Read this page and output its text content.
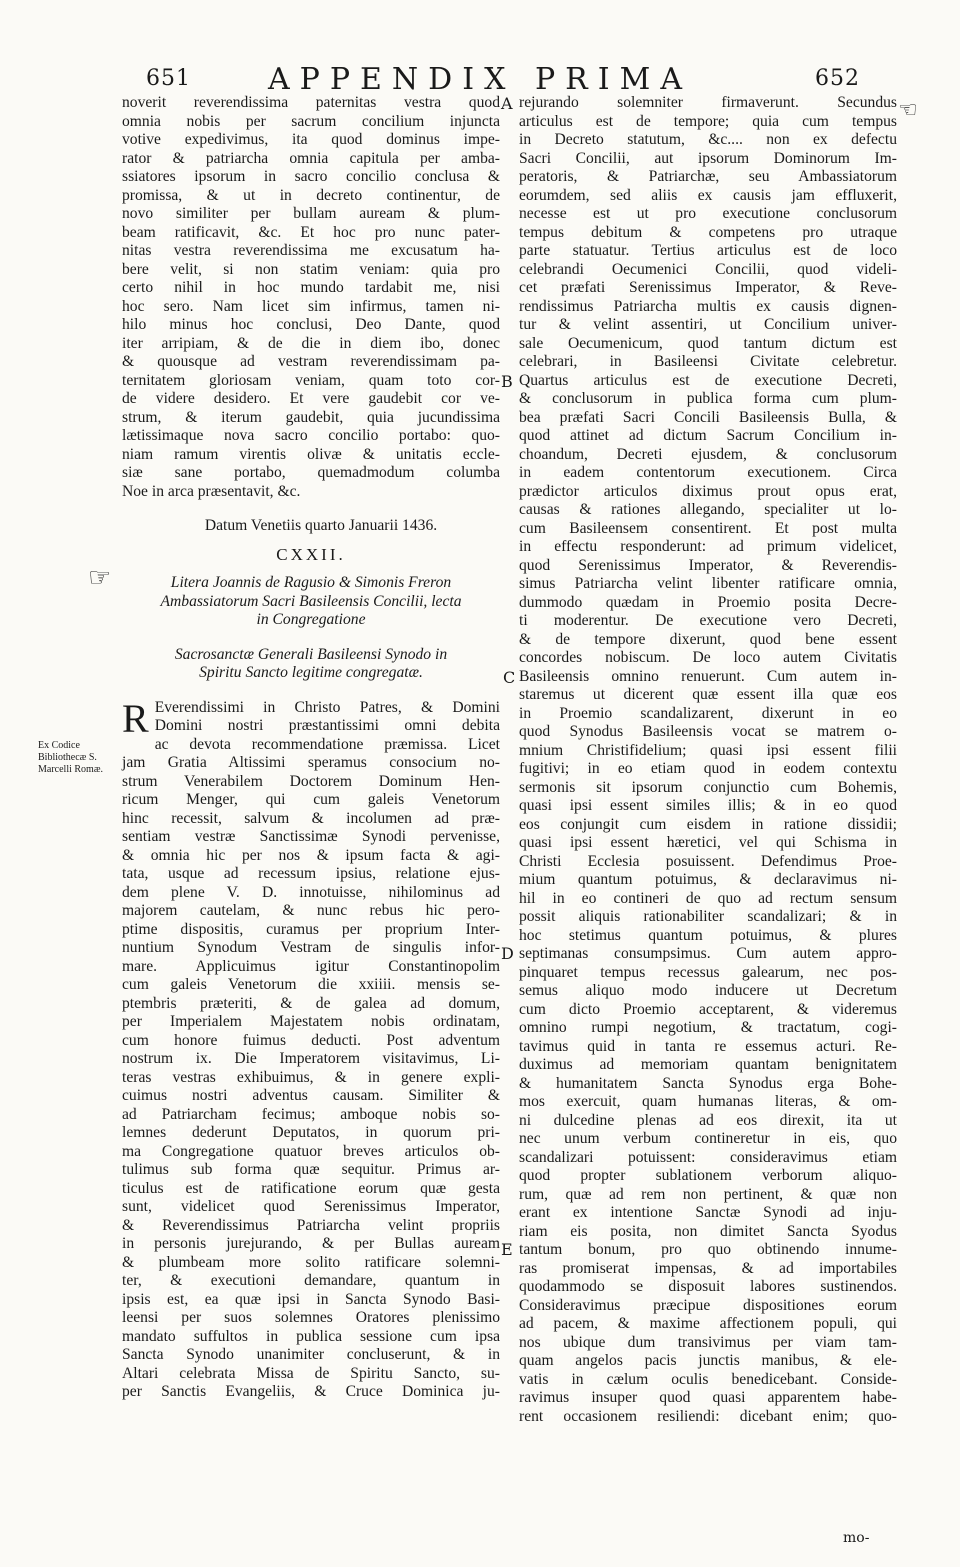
651	APPENDIX PRIMA	652
☞
☜
Ex Codice Bibliothecæ S. Marcelli Romæ.
A
B
C
D
E
noverit reverendissima paternitas vestra quod
omnia nobis per sacrum concilium injuncta
votive expedivimus, ita quod dominus impe-
rator & patriarcha omnia capitula per amba-
ssiatores ipsorum in sacro concilio conclusa &
promissa, & ut in decreto continentur, de
novo similiter per bullam auream & plum-
beam ratificavit, &c. Et hoc pro nunc pater-
nitas vestra reverendissima me excusatum ha-
bere velit, si non statim veniam: quia pro
certo nihil in hoc mundo tardabit me, nisi
hoc sero. Nam licet sim infirmus, tamen ni-
hilo minus hoc conclusi, Deo Dante, quod
iter arripiam, & de die in diem ibo, donec
& quousque ad vestram reverendissimam pa-
ternitatem gloriosam veniam, quam toto cor-
de videre desidero. Et vere gaudebit cor ve-
strum, & iterum gaudebit, quia jucundissima
lætissimaque nova sacro concilio portabo: quo-
niam ramum virentis olivæ & unitatis eccle-
siæ sane portabo, quemadmodum columba
Noe in arca præsentavit, &c.
Datum Venetiis quarto Januarii 1436.
CXXII.
Litera Joannis de Ragusio & Simonis Freron
Ambassiatorum Sacri Basileensis Concilii, lecta
in Congregatione
Sacrosanctæ Generali Basileensi Synodo in
Spiritu Sancto legitime congregatæ.
R Everendissimi in Christo Patres, & Domini
Domini nostri præstantissimi omni debita
ac devota recommendatione præmissa. Licet
jam Gratia Altissimi speramus consocium no-
strum Venerabilem Doctorem Dominum Hen-
ricum Menger, qui cum galeis Venetorum
hinc recessit, salvum & incolumen ad præ-
sentiam vestræ Sanctissimæ Synodi pervenisse,
& omnia hic per nos & ipsum facta & agi-
tata, usque ad recessum ipsius, relatione ejus-
dem plene V. D. innotuisse, nihilominus ad
majorem cautelam, & nunc rebus hic pero-
ptime dispositis, curamus per proprium Inter-
nuntium Synodum Vestram de singulis infor-
mare. Applicuimus igitur Constantinopolim
cum galeis Venetorum die xxiiii. mensis se-
ptembris præteriti, & de galea ad domum,
per Imperialem Majestatem nobis ordinatam,
cum honore fuimus deducti. Post adventum
nostrum ix. Die Imperatorem visitavimus, Li-
teras vestras exhibuimus, & in genere expli-
cuimus nostri adventus causam. Similiter &
ad Patriarcham fecimus; amboque nobis so-
lemnes dederunt Deputatos, in quorum pri-
ma Congregatione quatuor breves articulos ob-
tulimus sub forma quæ sequitur. Primus ar-
ticulus est de ratificatione eorum quæ gesta
sunt, videlicet quod Serenissimus Imperator,
& Reverendissimus Patriarcha velint propriis
in personis jurejurando, & per Bullas auream
& plumbeam more solito ratificare solemni-
ter, & executioni demandare, quantum in
ipsis est, ea quæ ipsi in Sancta Synodo Basi-
leensi per suos solemnes Oratores plenissimo
mandato suffultos in publica sessione cum ipsa
Sancta Synodo unanimiter concluserunt, & in
Altari celebrata Missa de Spiritu Sancto, su-
per Sanctis Evangeliis, & Cruce Dominica ju-
rejurando solemniter firmaverunt. Secundus
articulus est de tempore; quia cum tempus
in Decreto statutum, &c.... non ex defectu
Sacri Concilii, aut ipsorum Dominorum Im-
peratoris, & Patriarchæ, seu Ambassiatorum
eorumdem, sed aliis ex causis jam effluxerit,
necesse est ut pro executione conclusorum
tempus debitum & competens pro utraque
parte statuatur. Tertius articulus est de loco
celebrandi Oecumenici Concilii, quod videli-
cet præfati Serenissimus Imperator, & Reve-
rendissimus Patriarcha multis ex causis dignen-
tur & velint assentiri, ut Concilium univer-
sale Oecumenicum, quod tantum dictum est
celebrari, in Basileensi Civitate celebretur.
Quartus articulus est de executione Decreti,
& conclusorum in publica forma cum plum-
bea præfati Sacri Concili Basileensis Bulla, &
quod attinet ad dictum Sacrum Concilium in-
choandum, Decreti ejusdem, & conclusorum
in eadem contentorum executionem. Circa
prædictor articulos diximus prout opus erat,
causas & rationes allegando, specialiter ut lo-
cum Basileensem consentirent. Et post multa
in effectu responderunt: ad primum videlicet,
quod Serenissimus Imperator, & Reverendis-
simus Patriarcha velint libenter ratificare omnia,
dummodo quædam in Proemio posita Decre-
ti moderentur. De executione vero Decreti,
& de tempore dixerunt, quod bene essent
concordes nobiscum. De loco autem Civitatis
Basileensis omnino renuerunt. Cum autem in-
staremus ut dicerent quæ essent illa quæ eos
in Proemio scandalizarent, dixerunt in eo
quod Synodus Basileensis vocat se matrem o-
mnium Christifidelium; quasi ipsi essent filii
fugitivi; in eo etiam quod in eodem contextu
sermonis sit ipsorum conjunctio cum Bohemis,
quasi ipsi essent similes illis; & in eo quod
eos conjungit cum eisdem in ratione dissidii;
quasi ipsi essent hæretici, vel qui Schisma in
Christi Ecclesia posuissent. Defendimus Proe-
mium quantum potuimus, & declaravimus ni-
hil in eo contineri de quo ad rectum sensum
possit aliquis rationabiliter scandalizari; & in
hoc stetimus quantum potuimus, & plures
septimanas consumpsimus. Cum autem appro-
pinquaret tempus recessus galearum, nec pos-
semus aliquo modo inducere ut Decretum
cum dicto Proemio acceptarent, & videremus
omnino rumpi negotium, & tractatum, cogi-
tavimus quid in tanta re essemus acturi. Re-
duximus ad memoriam quantam benignitatem
& humanitatem Sancta Synodus erga Bohe-
mos exercuit, quam humanas literas, & om-
ni dulcedine plenas ad eos direxit, ita ut
nec unum verbum contineretur in eis, quo
scandalizari potuissent: consideravimus etiam
quod propter sublationem verborum aliquo-
rum, quæ ad rem non pertinent, & quæ non
erant ex intentione Sanctæ Synodi ad inju-
riam eis posita, non dimitet Sancta Syodus
tantum bonum, pro quo obtinendo innume-
ras promiserat impensas, & ad importabiles
quodammodo se disposuit labores sustinendos.
Consideravimus præcipue dispositiones eorum
ad pacem, & maxime affectionem populi, qui
nos ubique dum transivimus per viam tam-
quam angelos pacis junctis manibus, & ele-
vatis in cælum oculis benedicebant. Conside-
ravimus insuper quod quasi apparentem habe-
rent occasionem resiliendi: dicebant enim; quo-
mo-
